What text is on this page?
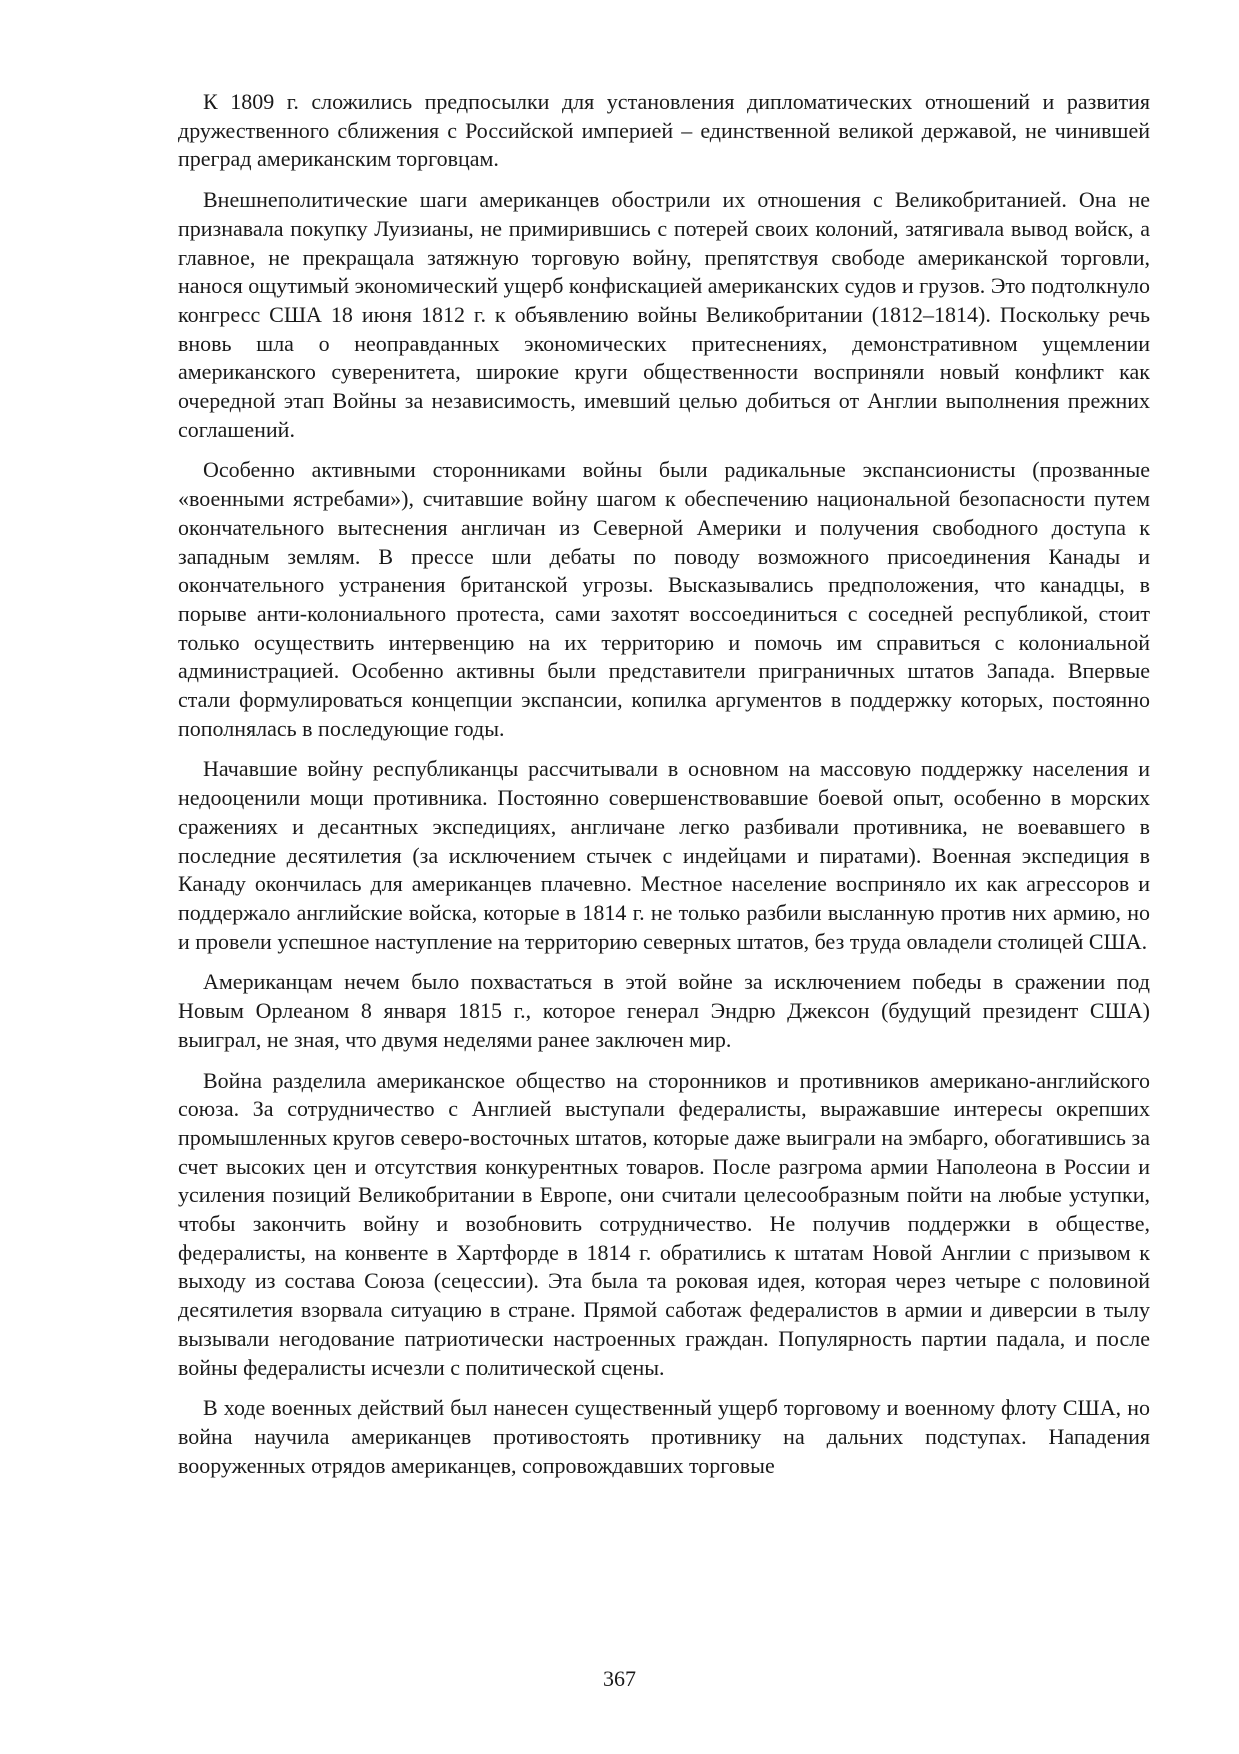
К 1809 г. сложились предпосылки для установления дипломатических отношений и развития дружественного сближения с Российской империей – единственной великой державой, не чинившей преград американским торговцам.

Внешнеполитические шаги американцев обострили их отношения с Великобританией. Она не признавала покупку Луизианы, не примирившись с потерей своих колоний, затягивала вывод войск, а главное, не прекращала затяжную торговую войну, препятствуя свободе американской торговли, нанося ощутимый экономический ущерб конфискацией американских судов и грузов. Это подтолкнуло конгресс США 18 июня 1812 г. к объявлению войны Великобритании (1812–1814). Поскольку речь вновь шла о неоправданных экономических притеснениях, демонстративном ущемлении американского суверенитета, широкие круги общественности восприняли новый конфликт как очередной этап Войны за независимость, имевший целью добиться от Англии выполнения прежних соглашений.

Особенно активными сторонниками войны были радикальные экспансионисты (прозванные «военными ястребами»), считавшие войну шагом к обеспечению национальной безопасности путем окончательного вытеснения англичан из Северной Америки и получения свободного доступа к западным землям. В прессе шли дебаты по поводу возможного присоединения Канады и окончательного устранения британской угрозы. Высказывались предположения, что канадцы, в порыве анти-колониального протеста, сами захотят воссоединиться с соседней республикой, стоит только осуществить интервенцию на их территорию и помочь им справиться с колониальной администрацией. Особенно активны были представители приграничных штатов Запада. Впервые стали формулироваться концепции экспансии, копилка аргументов в поддержку которых, постоянно пополнялась в последующие годы.

Начавшие войну республиканцы рассчитывали в основном на массовую поддержку населения и недооценили мощи противника. Постоянно совершенствовавшие боевой опыт, особенно в морских сражениях и десантных экспедициях, англичане легко разбивали противника, не воевавшего в последние десятилетия (за исключением стычек с индейцами и пиратами). Военная экспедиция в Канаду окончилась для американцев плачевно. Местное население восприняло их как агрессоров и поддержало английские войска, которые в 1814 г. не только разбили высланную против них армию, но и провели успешное наступление на территорию северных штатов, без труда овладели столицей США.

Американцам нечем было похвастаться в этой войне за исключением победы в сражении под Новым Орлеаном 8 января 1815 г., которое генерал Эндрю Джексон (будущий президент США) выиграл, не зная, что двумя неделями ранее заключен мир.

Война разделила американское общество на сторонников и противников американо-английского союза. За сотрудничество с Англией выступали федералисты, выражавшие интересы окрепших промышленных кругов северо-восточных штатов, которые даже выиграли на эмбарго, обогатившись за счет высоких цен и отсутствия конкурентных товаров. После разгрома армии Наполеона в России и усиления позиций Великобритании в Европе, они считали целесообразным пойти на любые уступки, чтобы закончить войну и возобновить сотрудничество. Не получив поддержки в обществе, федералисты, на конвенте в Хартфорде в 1814 г. обратились к штатам Новой Англии с призывом к выходу из состава Союза (сецессии). Эта была та роковая идея, которая через четыре с половиной десятилетия взорвала ситуацию в стране. Прямой саботаж федералистов в армии и диверсии в тылу вызывали негодование патриотически настроенных граждан. Популярность партии падала, и после войны федералисты исчезли с политической сцены.

В ходе военных действий был нанесен существенный ущерб торговому и военному флоту США, но война научила американцев противостоять противнику на дальних подступах. Нападения вооруженных отрядов американцев, сопровождавших торговые

367
